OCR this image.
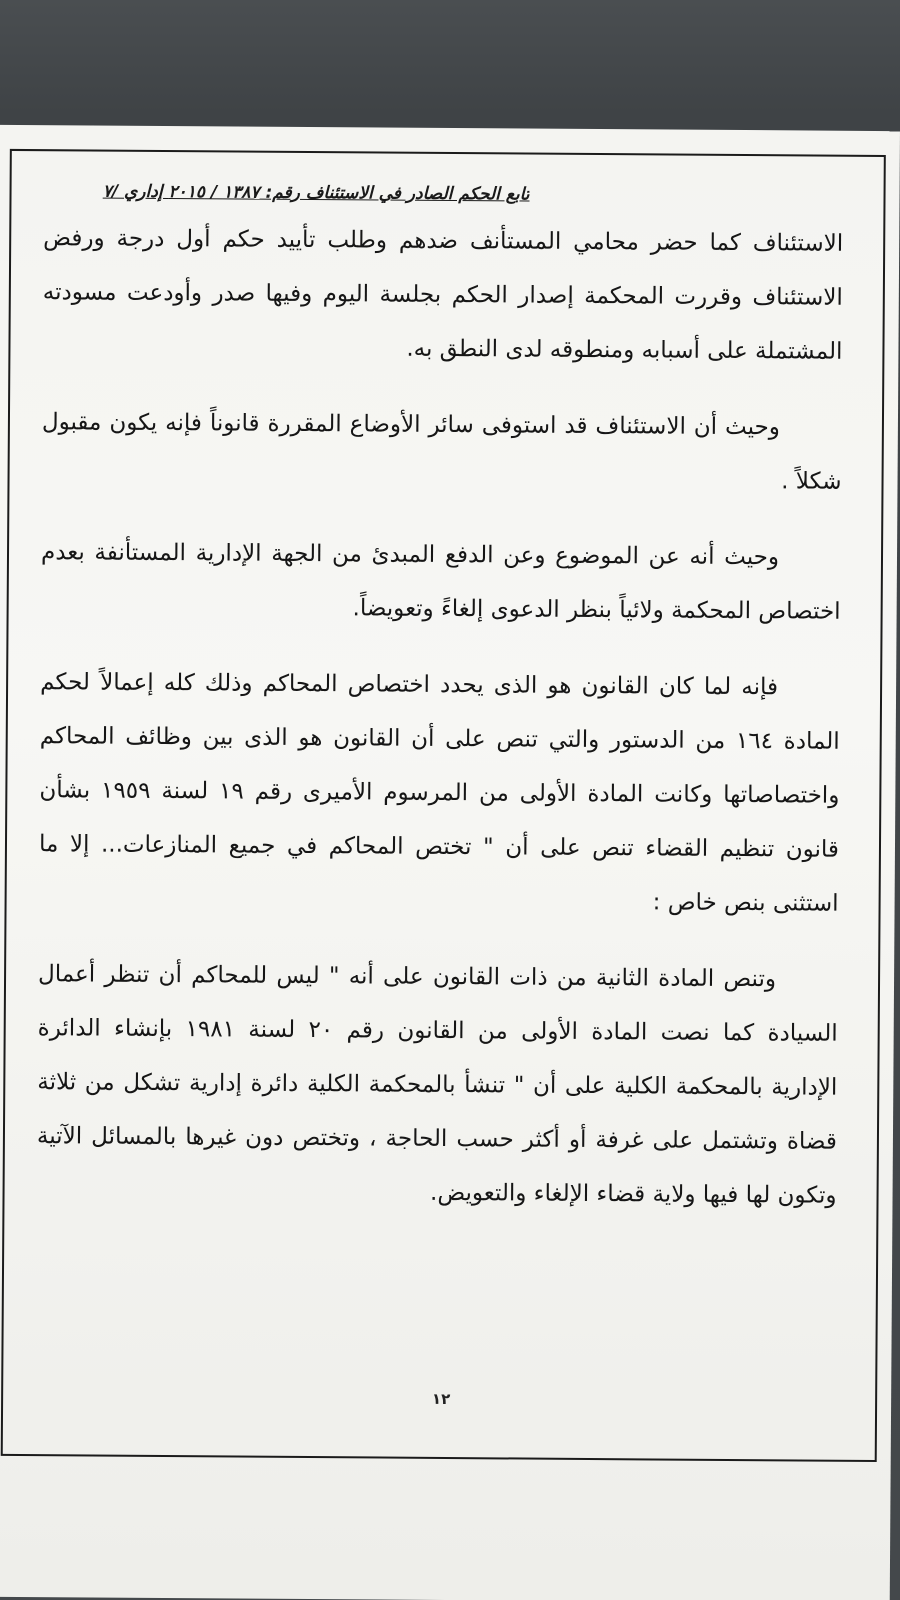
تابع الحكم الصادر في الاستئناف رقم: ١٣٨٧ / ٢٠١٥ إداري /٧

الاستئناف كما حضر محامي المستأنف ضدهم وطلب تأييد حكم أول درجة ورفض الاستئناف وقررت المحكمة إصدار الحكم بجلسة اليوم وفيها صدر وأودعت مسودته المشتملة على أسبابه ومنطوقه لدى النطق به.

وحيث أن الاستئناف قد استوفى سائر الأوضاع المقررة قانوناً فإنه يكون مقبول شكلاً .

وحيث أنه عن الموضوع وعن الدفع المبدئ من الجهة الإدارية المستأنفة بعدم اختصاص المحكمة ولائياً بنظر الدعوى إلغاءً وتعويضاً.

فإنه لما كان القانون هو الذى يحدد اختصاص المحاكم وذلك كله إعمالاً لحكم المادة ١٦٤ من الدستور والتي تنص على أن القانون هو الذى بين وظائف المحاكم واختصاصاتها وكانت المادة الأولى من المرسوم الأميرى رقم ١٩ لسنة ١٩٥٩ بشأن قانون تنظيم القضاء تنص على أن " تختص المحاكم في جميع المنازعات... إلا ما استثنى بنص خاص :

وتنص المادة الثانية من ذات القانون على أنه " ليس للمحاكم أن تنظر أعمال السيادة كما نصت المادة الأولى من القانون رقم ٢٠ لسنة ١٩٨١ بإنشاء الدائرة الإدارية بالمحكمة الكلية على أن " تنشأ بالمحكمة الكلية دائرة إدارية تشكل من ثلاثة قضاة وتشتمل على غرفة أو أكثر حسب الحاجة ، وتختص دون غيرها بالمسائل الآتية وتكون لها فيها ولاية قضاء الإلغاء والتعويض.

١٢
